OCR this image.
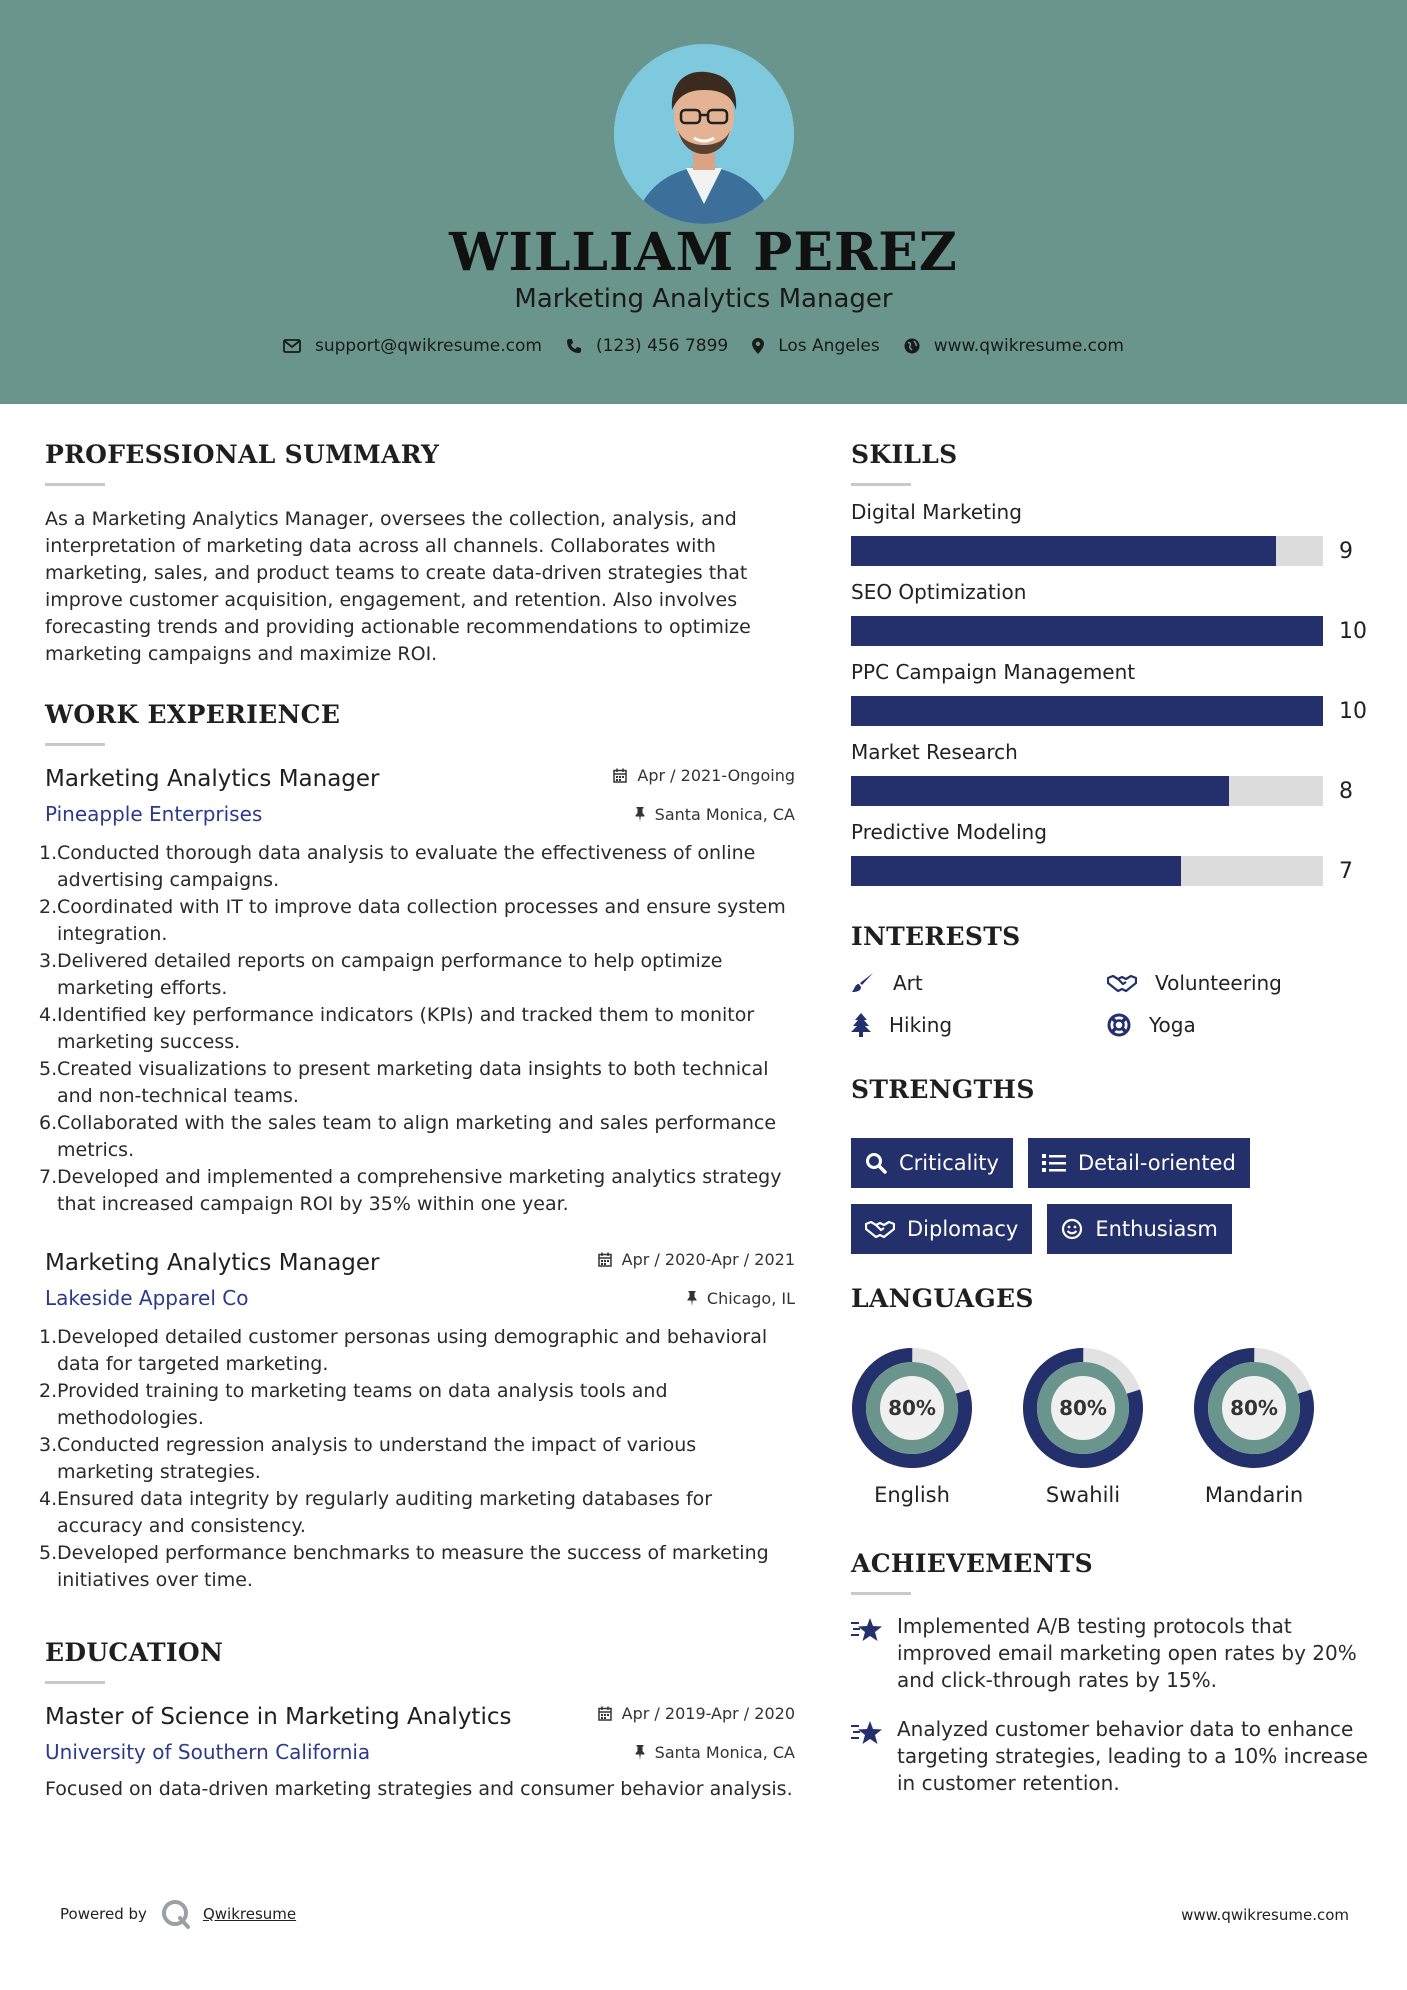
WILLIAM PEREZ
Marketing Analytics Manager
support@qwikresume.com	(123) 456 7899	Los Angeles	www.qwikresume.com
PROFESSIONAL SUMMARY
As a Marketing Analytics Manager, oversees the collection, analysis, and interpretation of marketing data across all channels. Collaborates with marketing, sales, and product teams to create data-driven strategies that improve customer acquisition, engagement, and retention. Also involves forecasting trends and providing actionable recommendations to optimize marketing campaigns and maximize ROI.
WORK EXPERIENCE
Marketing Analytics Manager	Apr / 2021-Ongoing
Pineapple Enterprises	Santa Monica, CA
1. Conducted thorough data analysis to evaluate the effectiveness of online advertising campaigns.
2. Coordinated with IT to improve data collection processes and ensure system integration.
3. Delivered detailed reports on campaign performance to help optimize marketing efforts.
4. Identified key performance indicators (KPIs) and tracked them to monitor marketing success.
5. Created visualizations to present marketing data insights to both technical and non-technical teams.
6. Collaborated with the sales team to align marketing and sales performance metrics.
7. Developed and implemented a comprehensive marketing analytics strategy that increased campaign ROI by 35% within one year.
Marketing Analytics Manager	Apr / 2020-Apr / 2021
Lakeside Apparel Co	Chicago, IL
1. Developed detailed customer personas using demographic and behavioral data for targeted marketing.
2. Provided training to marketing teams on data analysis tools and methodologies.
3. Conducted regression analysis to understand the impact of various marketing strategies.
4. Ensured data integrity by regularly auditing marketing databases for accuracy and consistency.
5. Developed performance benchmarks to measure the success of marketing initiatives over time.
EDUCATION
Master of Science in Marketing Analytics	Apr / 2019-Apr / 2020
University of Southern California	Santa Monica, CA
Focused on data-driven marketing strategies and consumer behavior analysis.
SKILLS
Digital Marketing
9
SEO Optimization
10
PPC Campaign Management
10
Market Research
8
Predictive Modeling
7
INTERESTS
Art	Volunteering
Hiking	Yoga
STRENGTHS
Criticality	Detail-oriented
Diplomacy	Enthusiasm
LANGUAGES
80%
English
80%
Swahili
80%
Mandarin
ACHIEVEMENTS
Implemented A/B testing protocols that improved email marketing open rates by 20% and click-through rates by 15%.
Analyzed customer behavior data to enhance targeting strategies, leading to a 10% increase in customer retention.
Powered by	Qwikresume	www.qwikresume.com
